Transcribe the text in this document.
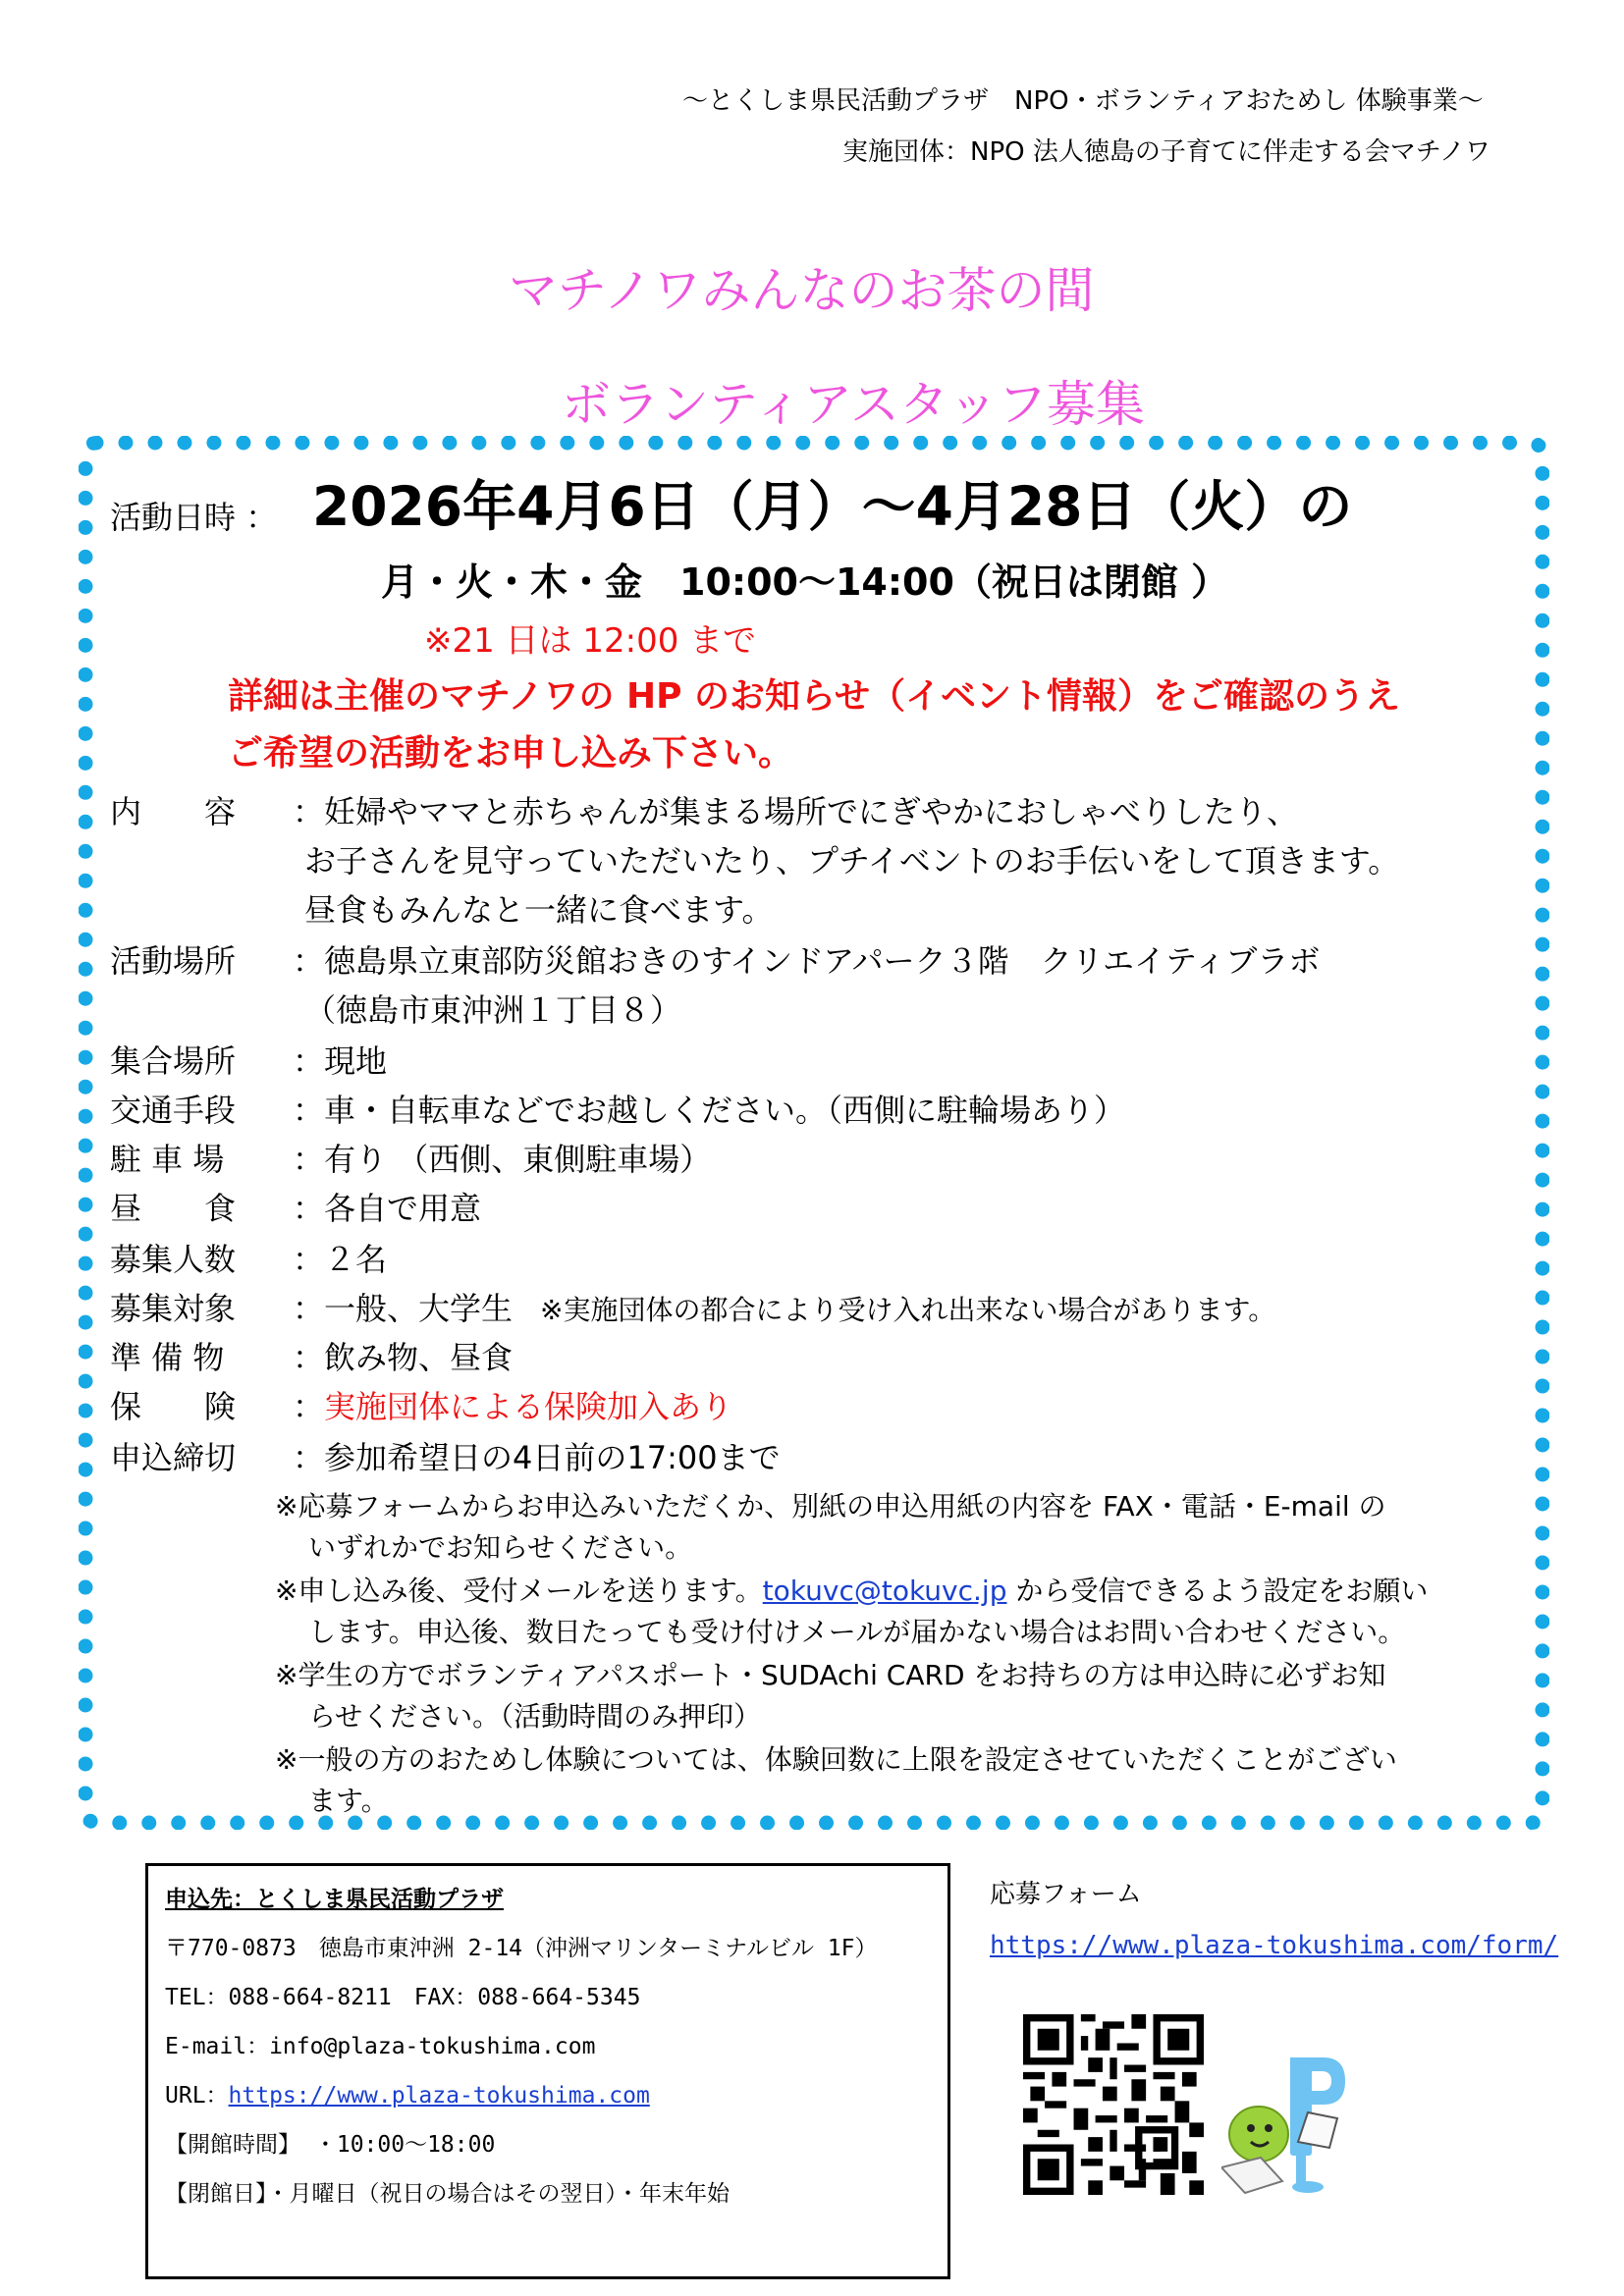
〜とくしま県民活動プラザ　NPO・ボランティアおためし 体験事業〜
実施団体：NPO 法人徳島の子育てに伴走する会マチノワ
マチノワみんなのお茶の間
ボランティアスタッフ募集
活動日時 ： 2026年4月6日（月）〜4月28日（火）の
月・火・木・金　10:00〜14:00（祝日は閉館 ）
※21 日は 12:00 まで
詳細は主催のマチノワの HP のお知らせ（イベント情報）をご確認のうえ
ご希望の活動をお申し込み下さい。
内　　容 ：妊婦やママと赤ちゃんが集まる場所でにぎやかにおしゃべりしたり、
お子さんを見守っていただいたり、プチイベントのお手伝いをして頂きます。
昼食もみんなと一緒に食べます。
活動場所 ：徳島県立東部防災館おきのすインドアパーク３階　クリエイティブラボ
（徳島市東沖洲１丁目８）
集合場所 ：現地
交通手段 ：車・自転車などでお越しください。（西側に駐輪場あり）
駐 車 場 ：有り （西側、東側駐車場）
昼　　食 ：各自で用意
募集人数 ：２名
募集対象 ：一般、大学生 ※実施団体の都合により受け入れ出来ない場合があります。
準 備 物 ：飲み物、昼食
保　　険 ：実施団体による保険加入あり
申込締切 ：参加希望日の4日前の17:00まで
※応募フォームからお申込みいただくか、別紙の申込用紙の内容を FAX・電話・E-mail の
いずれかでお知らせください。
※申し込み後、受付メールを送ります。tokuvc@tokuvc.jp から受信できるよう設定をお願い
します。申込後、数日たっても受け付けメールが届かない場合はお問い合わせください。
※学生の方でボランティアパスポート・SUDAchi CARD をお持ちの方は申込時に必ずお知
らせください。（活動時間のみ押印）
※一般の方のおためし体験については、体験回数に上限を設定させていただくことがござい
ます。
申込先：とくしま県民活動プラザ
〒770-0873　徳島市東沖洲 2-14（沖洲マリンターミナルビル 1F）
TEL：088-664-8211　FAX：088-664-5345
E-mail：info@plaza-tokushima.com
URL：https://www.plaza-tokushima.com
【開館時間】 ・10:00〜18:00
【閉館日】・月曜日（祝日の場合はその翌日）・年末年始
応募フォーム
https://www.plaza-tokushima.com/form/
